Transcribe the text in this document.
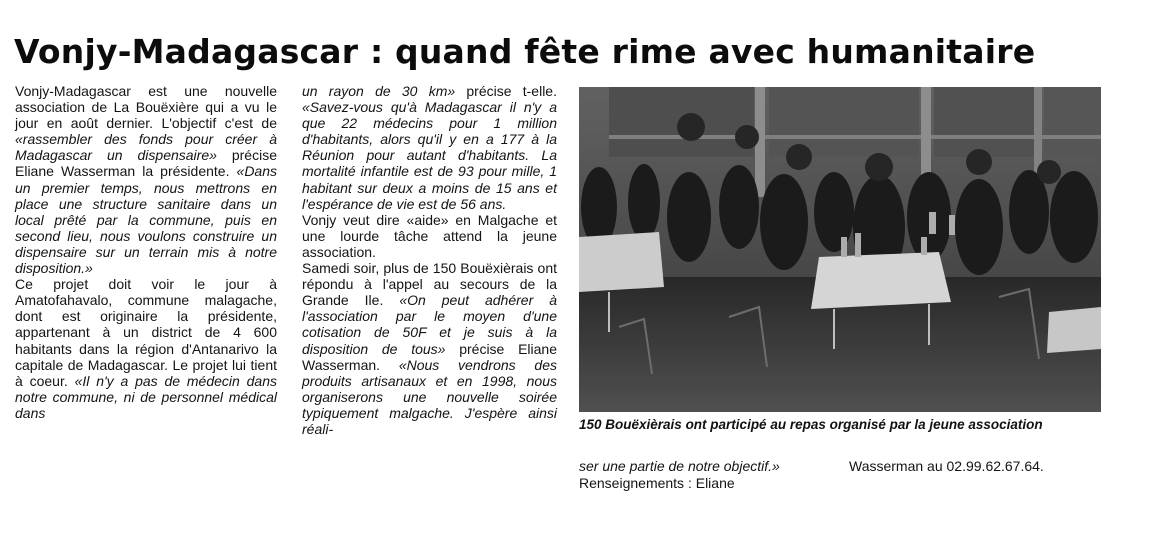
Vonjy-Madagascar : quand fête rime avec humanitaire

Vonjy-Madagascar est une nouvelle association de La Bouëxière qui a vu le jour en août dernier. L'objectif c'est de «rassembler des fonds pour créer à Madagascar un dispensaire» précise Eliane Wasserman la présidente. «Dans un premier temps, nous mettrons en place une structure sanitaire dans un local prêté par la commune, puis en second lieu, nous voulons construire un dispensaire sur un terrain mis à notre disposition.»

Ce projet doit voir le jour à Amatofahavalo, commune malagache, dont est originaire la présidente, appartenant à un district de 4 600 habitants dans la région d'Antanarivo la capitale de Madagascar. Le projet lui tient à coeur. «Il n'y a pas de médecin dans notre commune, ni de personnel médical dans

un rayon de 30 km» précise t-elle. «Savez-vous qu'à Madagascar il n'y a que 22 médecins pour 1 million d'habitants, alors qu'il y en a 177 à la Réunion pour autant d'habitants. La mortalité infantile est de 93 pour mille, 1 habitant sur deux a moins de 15 ans et l'espérance de vie est de 56 ans.

Vonjy veut dire «aide» en Malgache et une lourde tâche attend la jeune association.

Samedi soir, plus de 150 Bouëxièrais ont répondu à l'appel au secours de la Grande Ile. «On peut adhérer à l'association par le moyen d'une cotisation de 50F et je suis à la disposition de tous» précise Eliane Wasserman. «Nous vendrons des produits artisanaux et en 1998, nous organiserons une nouvelle soirée typiquement malgache. J'espère ainsi réali-	150 Bouëxièrais ont participé au repas organisé par la jeune association
ser une partie de notre objectif.»
Renseignements : Eliane
Wasserman au 02.99.62.67.64.
